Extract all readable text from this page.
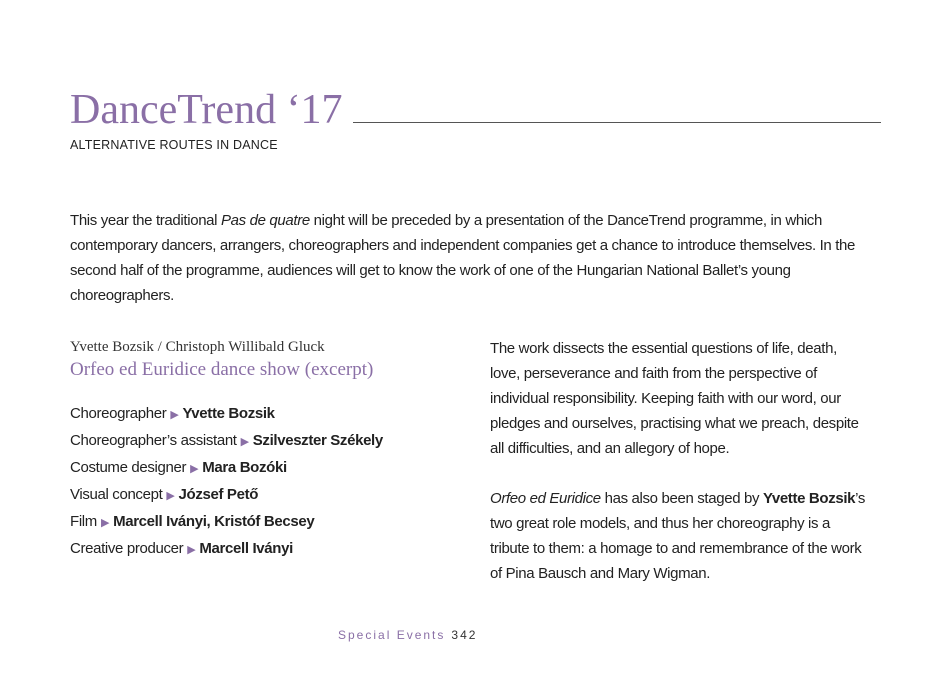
DanceTrend ‘17
ALTERNATIVE ROUTES IN DANCE

This year the traditional Pas de quatre night will be preceded by a presentation of the DanceTrend programme, in which contemporary dancers, arrangers, choreographers and independent companies get a chance to introduce themselves. In the second half of the programme, audiences will get to know the work of one of the Hungarian National Ballet’s young choreographers.

Yvette Bozsik / Christoph Willibald Gluck
Orfeo ed Euridice dance show (excerpt)
Choreographer ▶ Yvette Bozsik
Choreographer’s assistant ▶ Szilveszter Székely
Costume designer ▶ Mara Bozóki
Visual concept ▶ József Pető
Film ▶ Marcell Iványi, Kristóf Becsey
Creative producer ▶ Marcell Iványi

The work dissects the essential questions of life, death, love, perseverance and faith from the perspective of individual responsibility. Keeping faith with our word, our pledges and ourselves, practising what we preach, despite all difficulties, and an allegory of hope.

Orfeo ed Euridice has also been staged by Yvette Bozsik’s two great role models, and thus her choreography is a tribute to them: a homage to and remembrance of the work of Pina Bausch and Mary Wigman.

Special Events 342
